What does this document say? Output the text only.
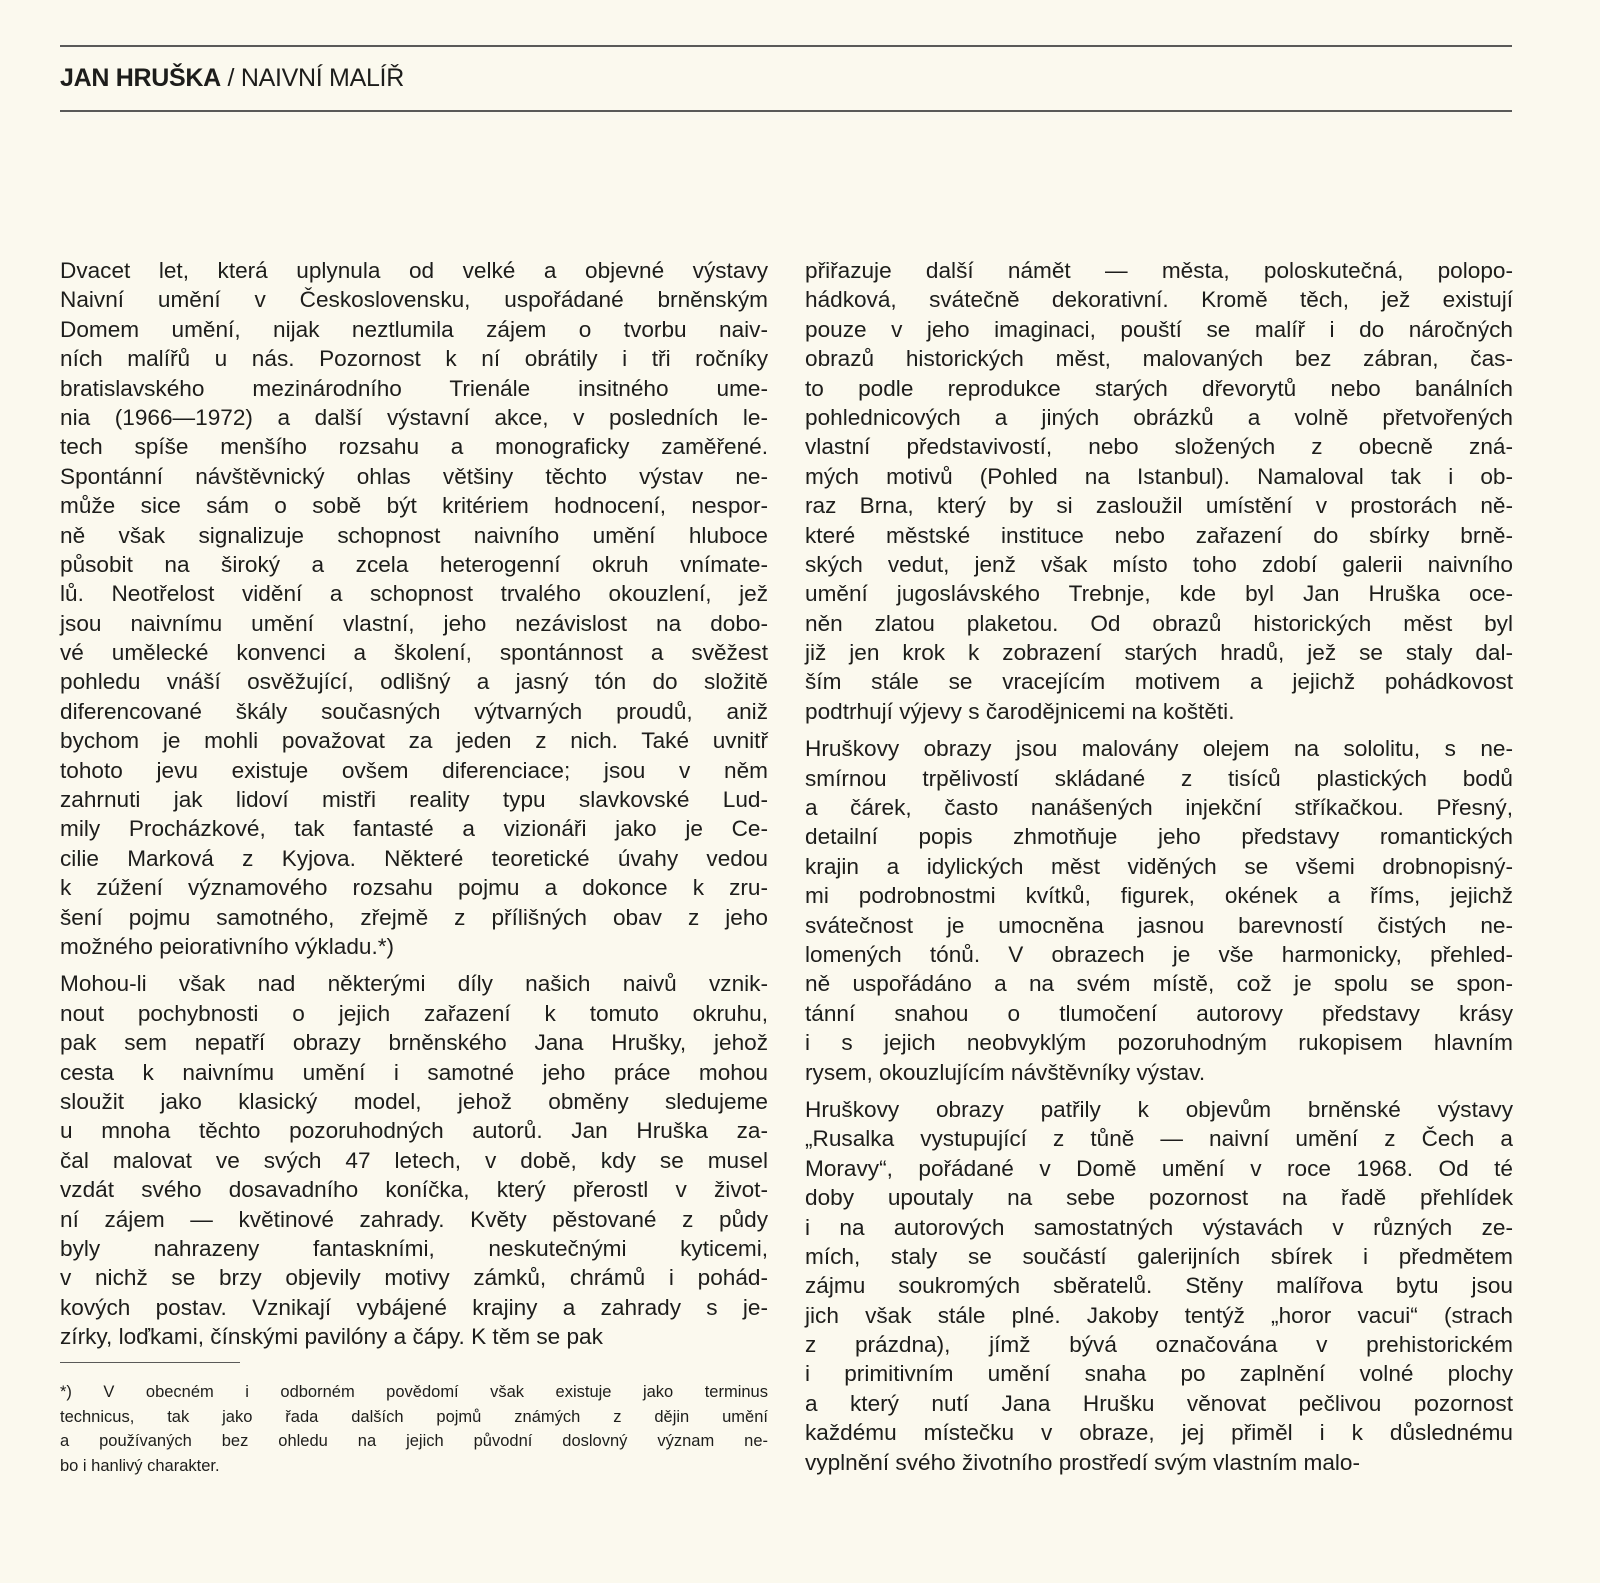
JAN HRUŠKA / NAIVNÍ MALÍŘ
Dvacet let, která uplynula od velké a objevné výstavy
Naivní umění v Československu, uspořádané brněnským
Domem umění, nijak neztlumila zájem o tvorbu naiv-
ních malířů u nás. Pozornost k ní obrátily i tři ročníky
bratislavského mezinárodního Trienále insitného ume-
nia (1966—1972) a další výstavní akce, v posledních le-
tech spíše menšího rozsahu a monograficky zaměřené.
Spontánní návštěvnický ohlas většiny těchto výstav ne-
může sice sám o sobě být kritériem hodnocení, nespor-
ně však signalizuje schopnost naivního umění hluboce
působit na široký a zcela heterogenní okruh vnímate-
lů. Neotřelost vidění a schopnost trvalého okouzlení, jež
jsou naivnímu umění vlastní, jeho nezávislost na dobo-
vé umělecké konvenci a školení, spontánnost a svěžest
pohledu vnáší osvěžující, odlišný a jasný tón do složitě
diferencované škály současných výtvarných proudů, aniž
bychom je mohli považovat za jeden z nich. Také uvnitř
tohoto jevu existuje ovšem diferenciace; jsou v něm
zahrnuti jak lidoví mistři reality typu slavkovské Lud-
mily Procházkové, tak fantasté a vizionáři jako je Ce-
cilie Marková z Kyjova. Některé teoretické úvahy vedou
k zúžení významového rozsahu pojmu a dokonce k zru-
šení pojmu samotného, zřejmě z přílišných obav z jeho
možného peiorativního výkladu.*)
Mohou-li však nad některými díly našich naivů vznik-
nout pochybnosti o jejich zařazení k tomuto okruhu,
pak sem nepatří obrazy brněnského Jana Hrušky, jehož
cesta k naivnímu umění i samotné jeho práce mohou
sloužit jako klasický model, jehož obměny sledujeme
u mnoha těchto pozoruhodných autorů. Jan Hruška za-
čal malovat ve svých 47 letech, v době, kdy se musel
vzdát svého dosavadního koníčka, který přerostl v život-
ní zájem — květinové zahrady. Květy pěstované z půdy
byly nahrazeny fantaskními, neskutečnými kyticemi,
v nichž se brzy objevily motivy zámků, chrámů i pohád-
kových postav. Vznikají vybájené krajiny a zahrady s je-
zírky, loďkami, čínskými pavilóny a čápy. K těm se pak
přiřazuje další námět — města, poloskutečná, polopo-
hádková, svátečně dekorativní. Kromě těch, jež existují
pouze v jeho imaginaci, pouští se malíř i do náročných
obrazů historických měst, malovaných bez zábran, čas-
to podle reprodukce starých dřevorytů nebo banálních
pohlednicových a jiných obrázků a volně přetvořených
vlastní představivostí, nebo složených z obecně zná-
mých motivů (Pohled na Istanbul). Namaloval tak i ob-
raz Brna, který by si zasloužil umístění v prostorách ně-
které městské instituce nebo zařazení do sbírky brně-
ských vedut, jenž však místo toho zdobí galerii naivního
umění jugoslávského Trebnje, kde byl Jan Hruška oce-
něn zlatou plaketou. Od obrazů historických měst byl
již jen krok k zobrazení starých hradů, jež se staly dal-
ším stále se vracejícím motivem a jejichž pohádkovost
podtrhují výjevy s čarodějnicemi na koštěti.
Hruškovy obrazy jsou malovány olejem na sololitu, s ne-
smírnou trpělivostí skládané z tisíců plastických bodů
a čárek, často nanášených injekční stříkačkou. Přesný,
detailní popis zhmotňuje jeho představy romantických
krajin a idylických měst viděných se všemi drobnopisný-
mi podrobnostmi kvítků, figurek, okének a říms, jejichž
svátečnost je umocněna jasnou barevností čistých ne-
lomených tónů. V obrazech je vše harmonicky, přehled-
ně uspořádáno a na svém místě, což je spolu se spon-
tánní snahou o tlumočení autorovy představy krásy
i s jejich neobvyklým pozoruhodným rukopisem hlavním
rysem, okouzlujícím návštěvníky výstav.
Hruškovy obrazy patřily k objevům brněnské výstavy
„Rusalka vystupující z tůně — naivní umění z Čech a
Moravy“, pořádané v Domě umění v roce 1968. Od té
doby upoutaly na sebe pozornost na řadě přehlídek
i na autorových samostatných výstavách v různých ze-
mích, staly se součástí galerijních sbírek i předmětem
zájmu soukromých sběratelů. Stěny malířova bytu jsou
jich však stále plné. Jakoby tentýž „horor vacui“ (strach
z prázdna), jímž bývá označována v prehistorickém
i primitivním umění snaha po zaplnění volné plochy
a který nutí Jana Hrušku věnovat pečlivou pozornost
každému místečku v obraze, jej přiměl i k důslednému
vyplnění svého životního prostředí svým vlastním malo-
*) V obecném i odborném povědomí však existuje jako terminus
technicus, tak jako řada dalších pojmů známých z dějin umění
a používaných bez ohledu na jejich původní doslovný význam ne-
bo i hanlivý charakter.
